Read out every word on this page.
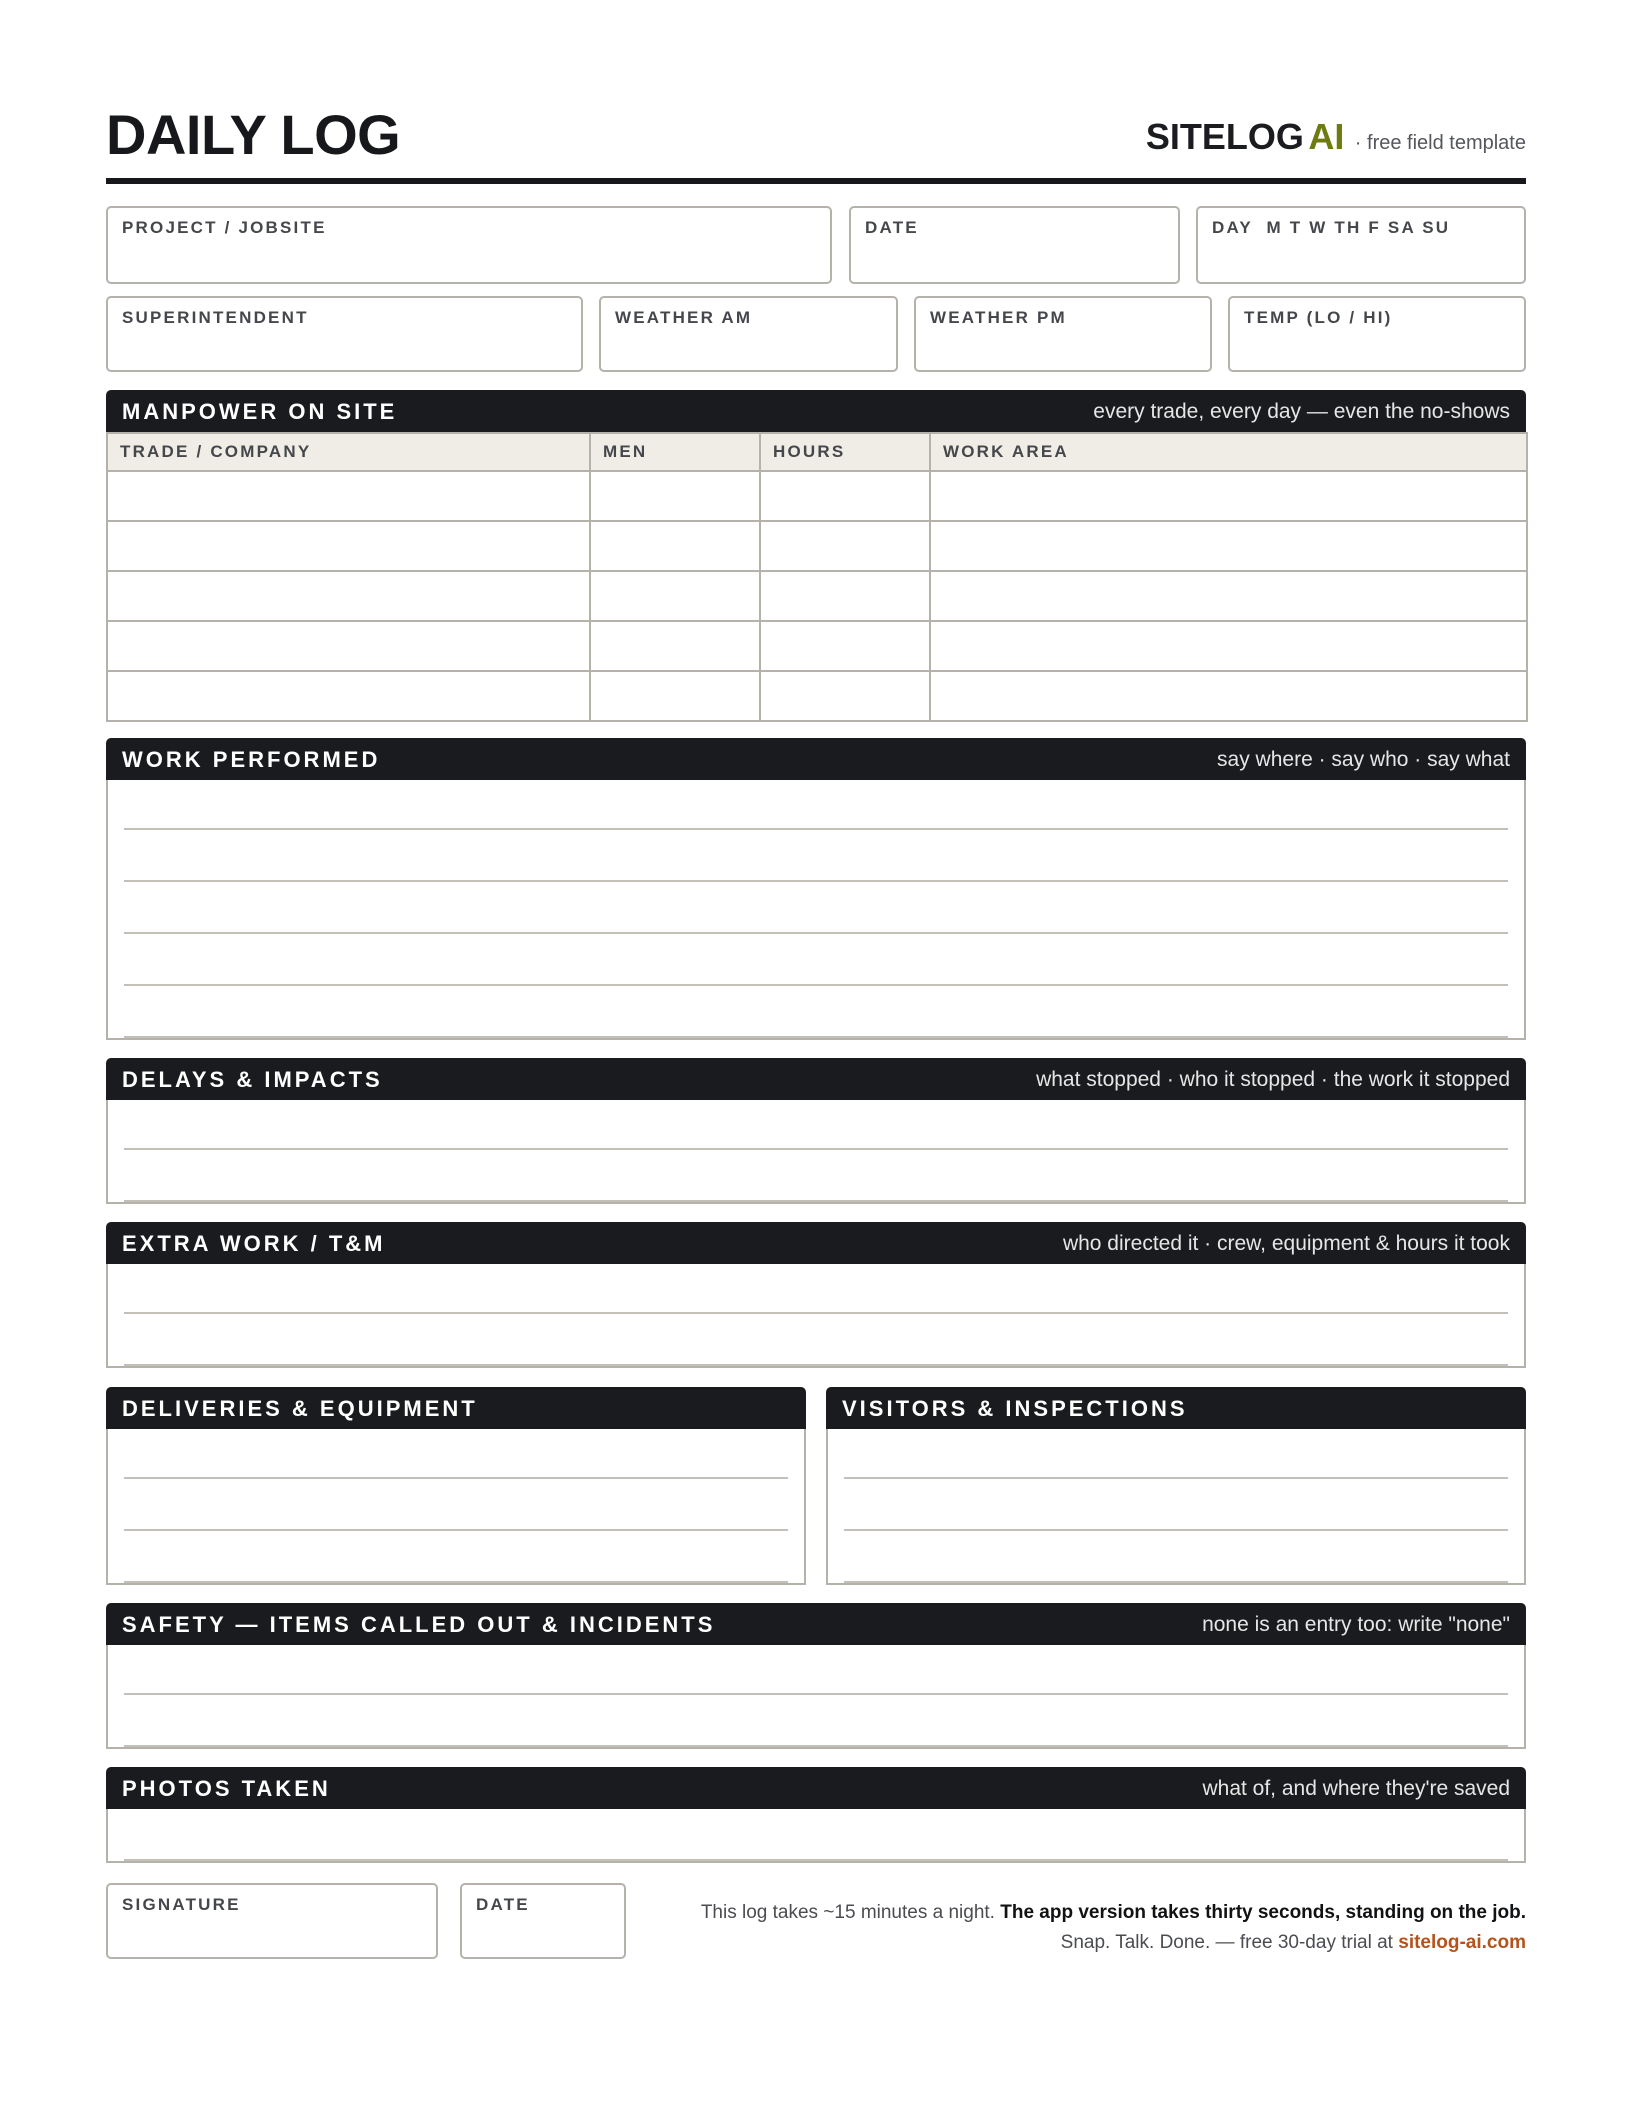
DAILY LOG	SITELOG AI · free field template
PROJECT / JOBSITE	DATE	DAY  M T W TH F SA SU
SUPERINTENDENT	WEATHER AM	WEATHER PM	TEMP (LO / HI)
MANPOWER ON SITE	every trade, every day — even the no-shows
TRADE / COMPANY	MEN	HOURS	WORK AREA

WORK PERFORMED	say where · say who · say what
DELAYS & IMPACTS	what stopped · who it stopped · the work it stopped
EXTRA WORK / T&M	who directed it · crew, equipment & hours it took
DELIVERIES & EQUIPMENT	VISITORS & INSPECTIONS
SAFETY — ITEMS CALLED OUT & INCIDENTS	none is an entry too: write "none"
PHOTOS TAKEN	what of, and where they're saved
SIGNATURE	DATE	This log takes ~15 minutes a night. The app version takes thirty seconds, standing on the job.
Snap. Talk. Done. — free 30-day trial at sitelog-ai.com
